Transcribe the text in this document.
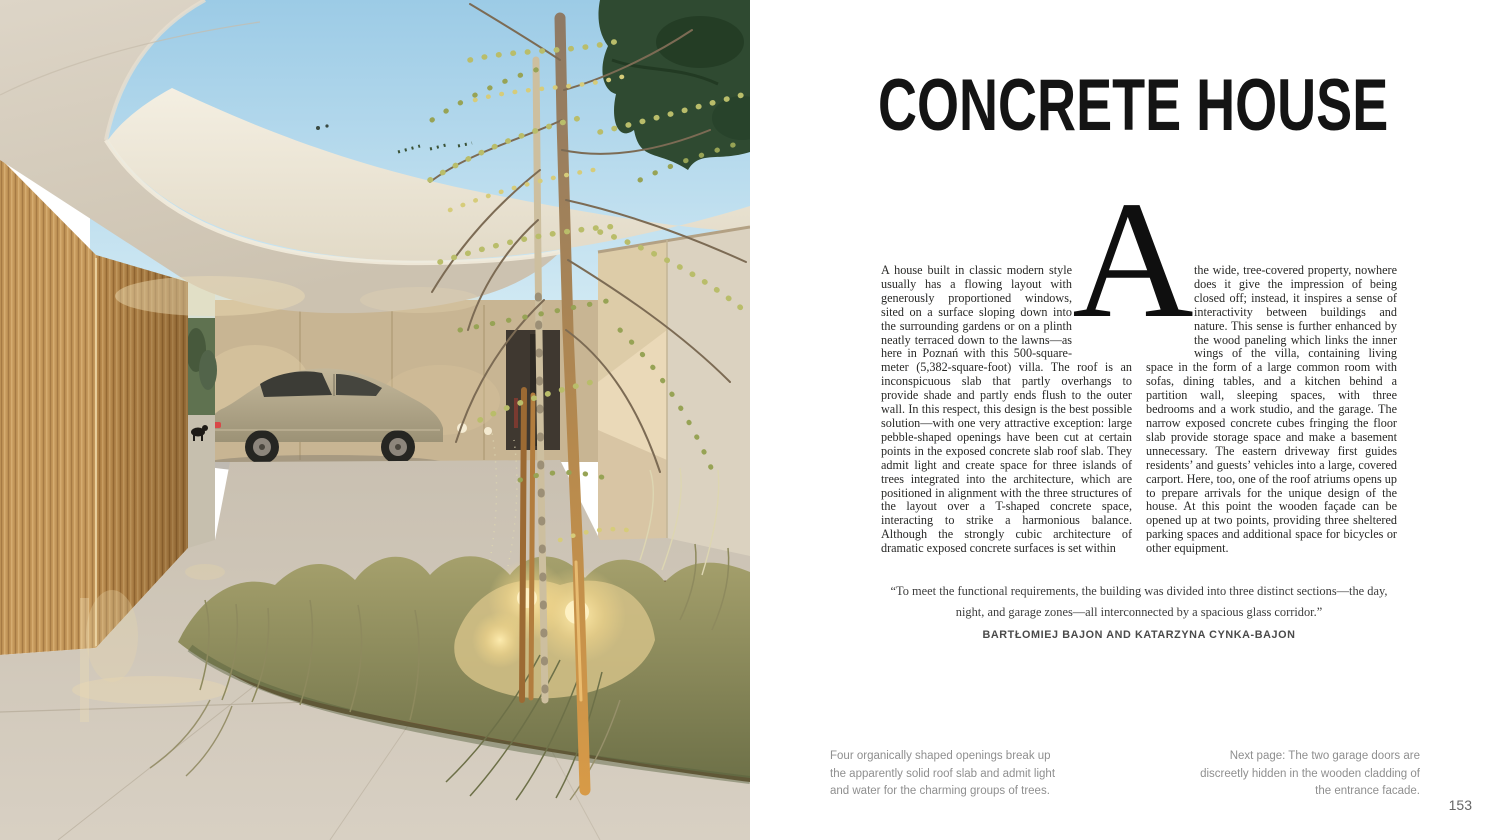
CONCRETE HOUSE
A
A house built in classic modern style usually has a flowing layout with generously proportioned windows, sited on a surface sloping down into the surrounding gardens or on a plinth neatly terraced down to the lawns—as here in Poznań with this 500-square-meter (5,382-square-foot) villa. The roof is an inconspicuous slab that partly overhangs to provide shade and partly ends flush to the outer wall. In this respect, this design is the best possible solution—with one very attractive exception: large pebble-shaped openings have been cut at certain points in the exposed concrete slab roof slab. They admit light and create space for three islands of trees integrated into the architecture, which are positioned in alignment with the three structures of the layout over a T-shaped concrete space, interacting to strike a harmonious balance. Although the strongly cubic architecture of dramatic exposed concrete surfaces is set within
the wide, tree-covered property, nowhere does it give the impression of being closed off; instead, it inspires a sense of interactivity between buildings and nature. This sense is further enhanced by the wood paneling which links the inner wings of the villa, containing living space in the form of a large common room with sofas, dining tables, and a kitchen behind a partition wall, sleeping spaces, with three bedrooms and a work studio, and the garage. The narrow exposed concrete cubes fringing the floor slab provide storage space and make a basement unnecessary. The eastern driveway first guides residents’ and guests’ vehicles into a large, covered carport. Here, too, one of the roof atriums opens up to prepare arrivals for the unique design of the house. At this point the wooden façade can be opened up at two points, providing three sheltered parking spaces and additional space for bicycles or other equipment.
“To meet the functional requirements, the building was divided into three distinct sections—the day, night, and garage zones—all interconnected by a spacious glass corridor.”
BARTŁOMIEJ BAJON AND KATARZYNA CYNKA-BAJON
Four organically shaped openings break up the apparently solid roof slab and admit light and water for the charming groups of trees.
Next page: The two garage doors are discreetly hidden in the wooden cladding of the entrance facade.
153
